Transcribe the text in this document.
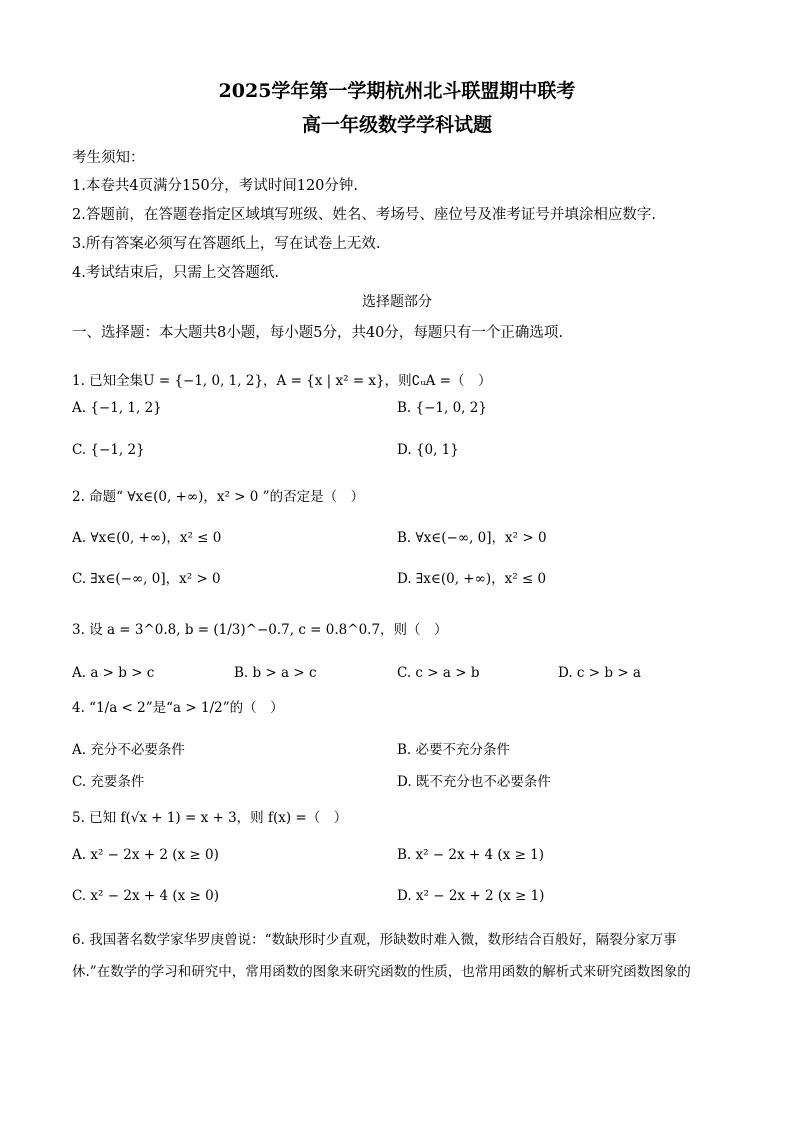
2025学年第一学期杭州北斗联盟期中联考
高一年级数学学科试题
考生须知：
1.本卷共4页满分150分，考试时间120分钟.
2.答题前，在答题卷指定区域填写班级、姓名、考场号、座位号及准考证号并填涂相应数字.
3.所有答案必须写在答题纸上，写在试卷上无效.
4.考试结束后，只需上交答题纸.
选择题部分
一、选择题：本大题共8小题，每小题5分，共40分，每题只有一个正确选项.
1. 已知全集U = {−1, 0, 1, 2}，A = {x | x² = x}，则∁ᵤA =（　）
A. {−1, 1, 2}	B. {−1, 0, 2}
C. {−1, 2}	D. {0, 1}
2. 命题“ ∀x∈(0, +∞)，x² > 0 ”的否定是（　）
A. ∀x∈(0, +∞)，x² ≤ 0	B. ∀x∈(−∞, 0]，x² > 0
C. ∃x∈(−∞, 0]，x² > 0	D. ∃x∈(0, +∞)，x² ≤ 0
3. 设 a = 3^0.8, b = (1/3)^−0.7, c = 0.8^0.7，则（　）
A. a > b > c	B. b > a > c	C. c > a > b	D. c > b > a
4. “1/a < 2”是“a > 1/2”的（　）
A. 充分不必要条件	B. 必要不充分条件
C. 充要条件	D. 既不充分也不必要条件
5. 已知 f(√x + 1) = x + 3，则 f(x) =（　）
A. x² − 2x + 2 (x ≥ 0)	B. x² − 2x + 4 (x ≥ 1)
C. x² − 2x + 4 (x ≥ 0)	D. x² − 2x + 2 (x ≥ 1)
6. 我国著名数学家华罗庚曾说：“数缺形时少直观，形缺数时难入微，数形结合百般好，隔裂分家万事
休.”在数学的学习和研究中，常用函数的图象来研究函数的性质，也常用函数的解析式来研究函数图象的
